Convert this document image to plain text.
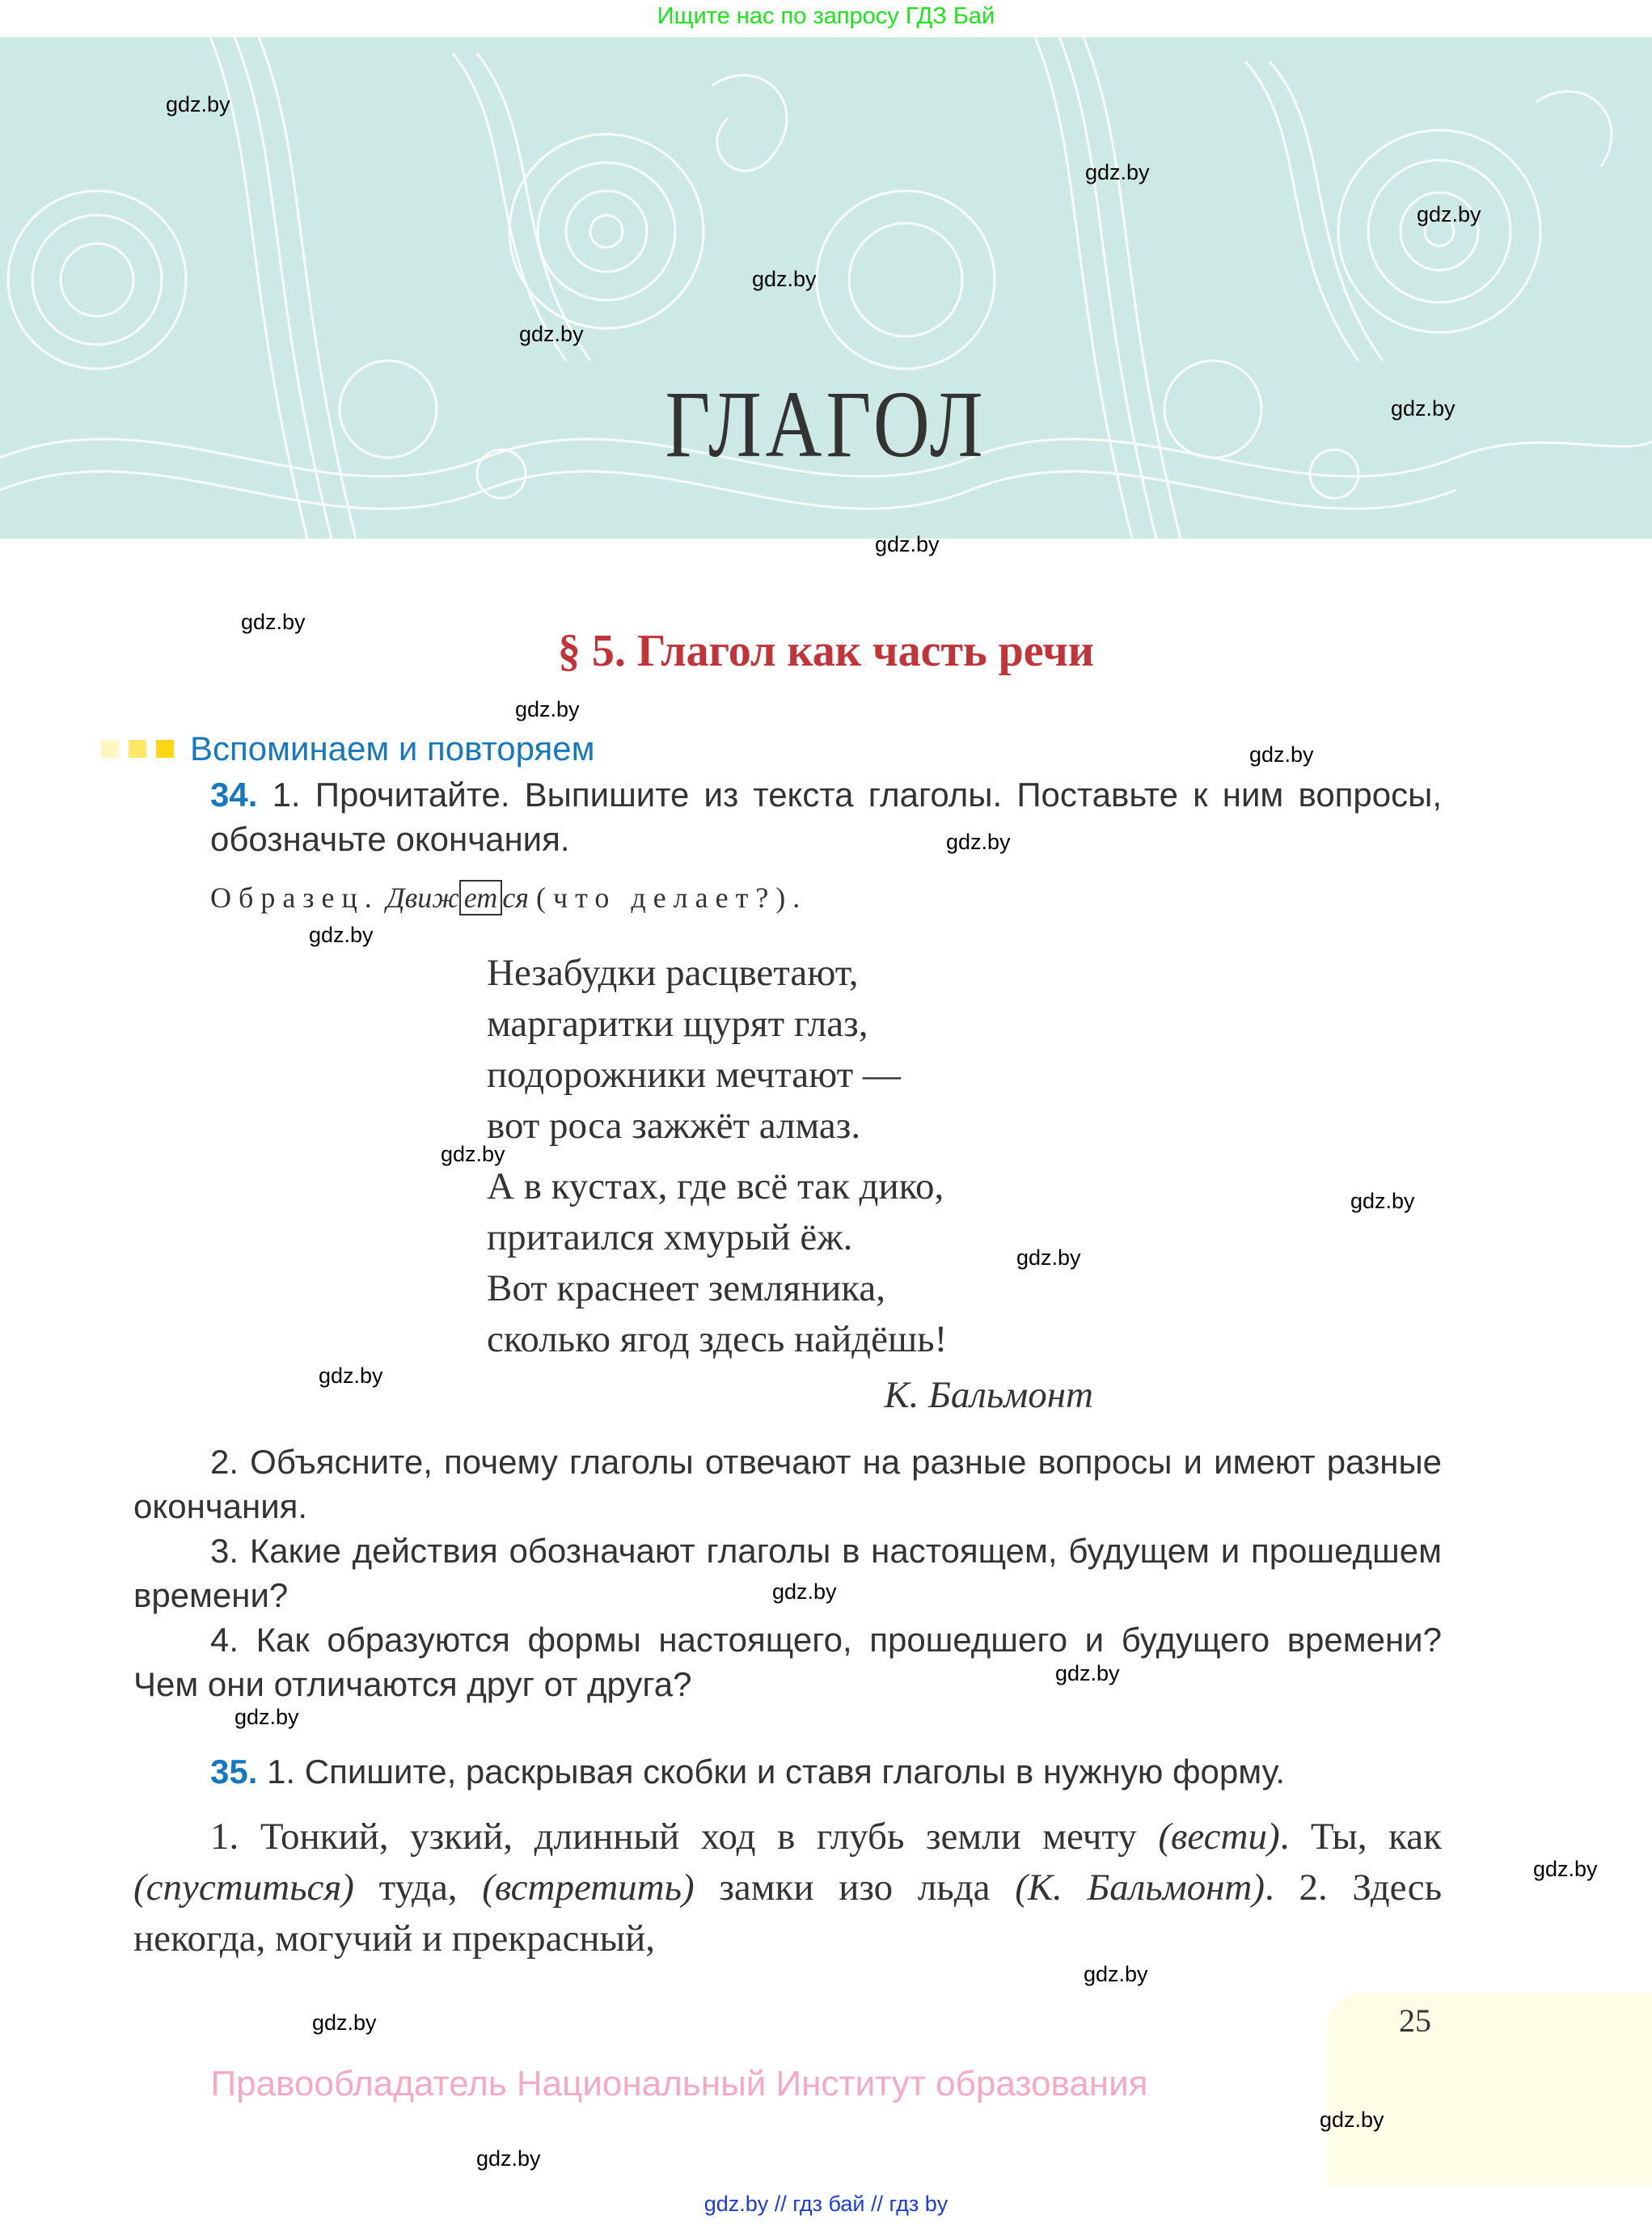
Ищите нас по запросу ГДЗ Бай
ГЛАГОЛ
§ 5. Глагол как часть речи
Вспоминаем и повторяем
34. 1. Прочитайте. Выпишите из текста глаголы. Поставьте к ним вопросы, обозначьте окончания.
Образец. Движ ет ся (что делает?).
Незабудки расцветают,
маргаритки щурят глаз,
подорожники мечтают —
вот роса зажжёт алмаз.
А в кустах, где всё так дико,
притаился хмурый ёж.
Вот краснеет земляника,
сколько ягод здесь найдёшь!
К. Бальмонт

2. Объясните, почему глаголы отвечают на разные вопросы и имеют разные окончания.

3. Какие действия обозначают глаголы в настоящем, будущем и прошедшем времени?

4. Как образуются формы настоящего, прошедшего и будущего времени? Чем они отличаются друг от друга?

35. 1. Спишите, раскрывая скобки и ставя глаголы в нужную форму.

1. Тонкий, узкий, длинный ход в глубь земли мечту (вести). Ты, как (спуститься) туда, (встретить) замки изо льда (К. Бальмонт). 2. Здесь некогда, могучий и прекрасный,

25
Правообладатель Национальный Институт образования
gdz.by // гдз бай // гдз by
gdz.by
gdz.by
gdz.by
gdz.by
gdz.by
gdz.by
gdz.by
gdz.by
gdz.by
gdz.by
gdz.by
gdz.by
gdz.by
gdz.by
gdz.by
gdz.by
gdz.by
gdz.by
gdz.by
gdz.by
gdz.by
gdz.by
gdz.by
gdz.by
